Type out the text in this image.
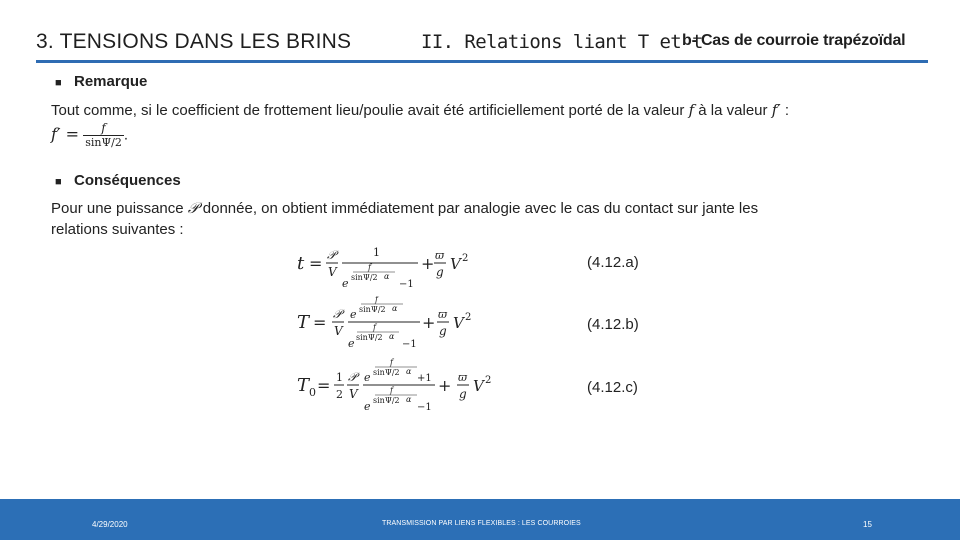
3. TENSIONS DANS LES BRINS	II. Relations liant T et t
b- Cas de courroie trapézoïdal
■ Remarque
Tout comme, si le coefficient de frottement lieu/poulie avait été artificiellement porté de la valeur f à la valeur f′ :
$f' = \frac{f}{\sin\Psi/2}$ .
■ Conséquences
Pour une puissance 𝒫 donnée, on obtient immédiatement par analogie avec le cas du contact sur jante les
relations suivantes :
t = 𝒫
V
1
f
e sinΨ/2 α
−1
+ ϖ
g V 2	(4.12.a)
T = 𝒫
V
f
e sinΨ/2 α
f
e sinΨ/2 α
−1
+ ϖ
g V 2	(4.12.b)
T 0 = 1
2
𝒫
V
f
e sinΨ/2 α
+1
f
e sinΨ/2 α
−1
+ ϖ
g V 2	(4.12.c)
4/29/2020	TRANSMISSION PAR LIENS FLEXIBLES : LES COURROIES	15
